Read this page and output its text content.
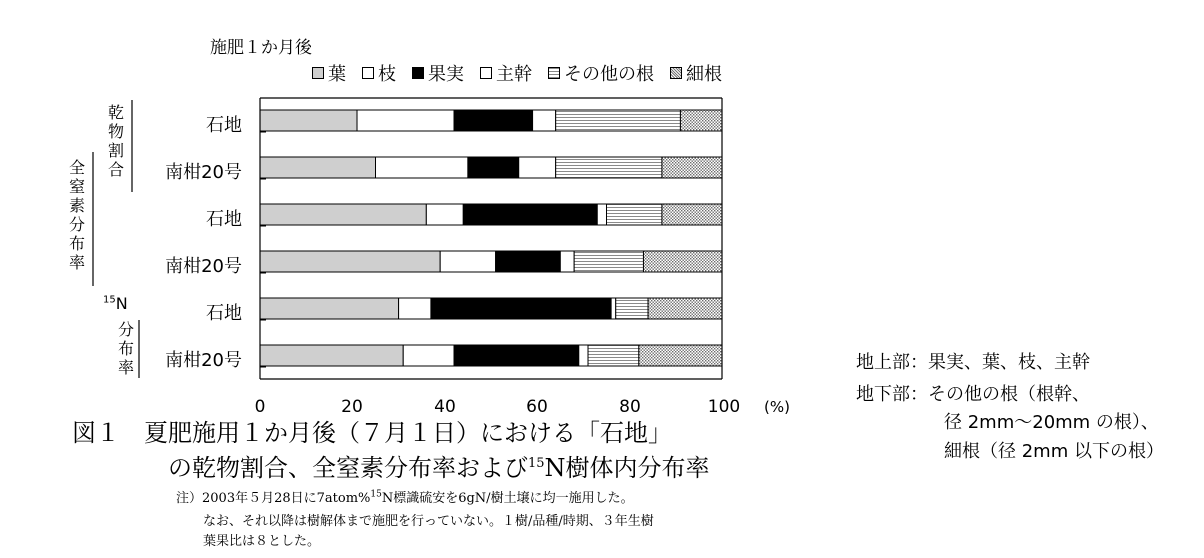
施肥１か月後
葉 枝 果実 主幹 その他の根 細根
乾物割合
全窒素分布率
$^{15}$N
分布率
石地
南柑20号
石地
南柑20号
石地
南柑20号
0	20	40	60	80	100 (%)
図１　夏肥施用１か月後（７月１日）における「石地」
の乾物割合、全窒素分布率および$^{15}$N樹体内分布率
注）2003年５月28日に7atom%$^{15}$N標識硫安を6gN/樹土壌に均一施用した。
なお、それ以降は樹解体まで施肥を行っていない。１樹/品種/時期、３年生樹
葉果比は８とした。
地上部：果実、葉、枝、主幹
地下部：その他の根（根幹、
径 2mm～20mm の根）、
細根（径 2mm 以下の根）
